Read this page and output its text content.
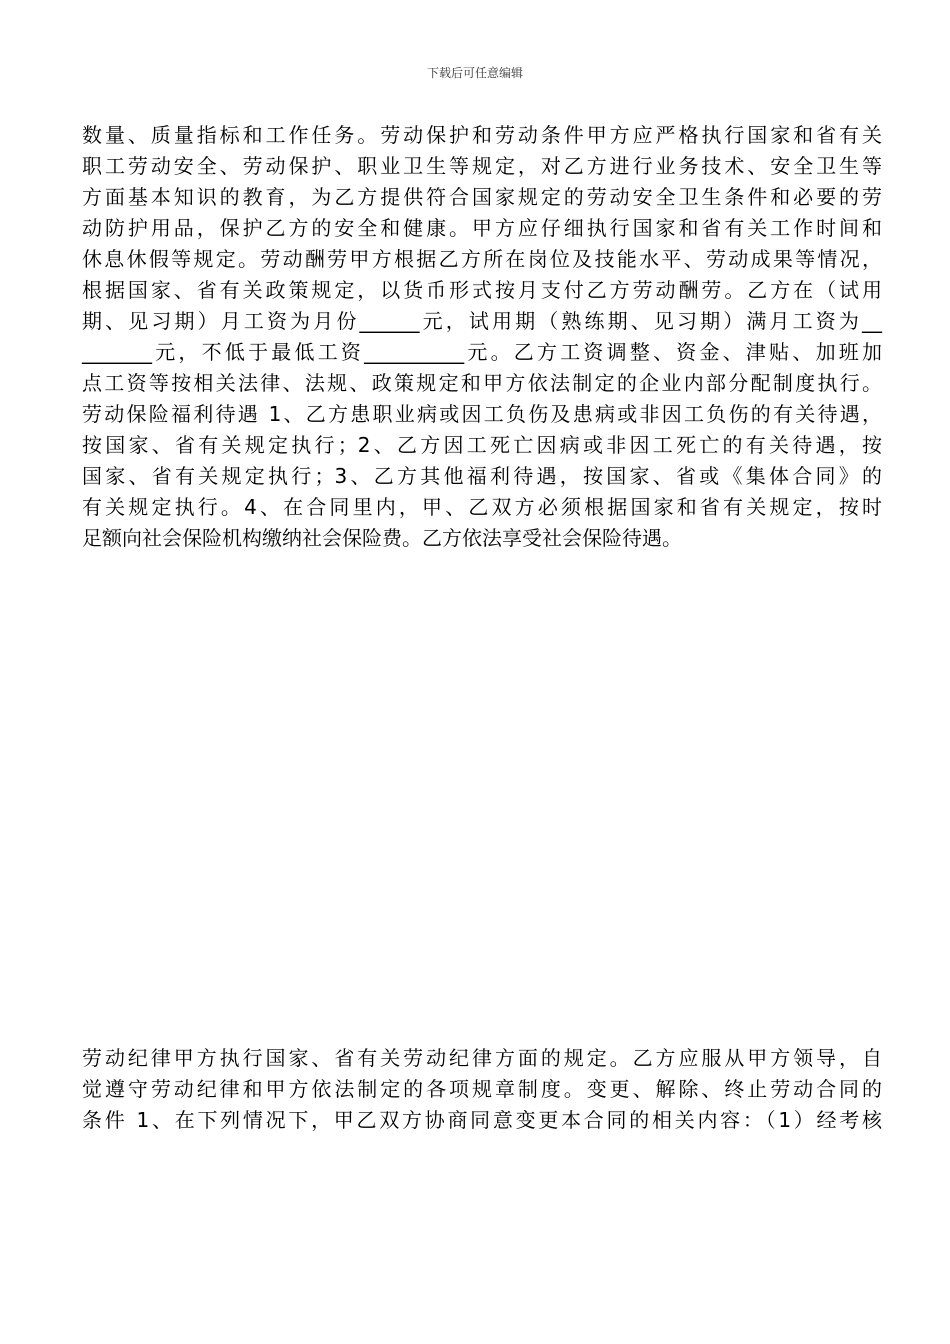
下载后可任意编辑
数量、质量指标和工作任务。劳动保护和劳动条件甲方应严格执行国家和省有关
职工劳动安全、劳动保护、职业卫生等规定，对乙方进行业务技术、安全卫生等
方面基本知识的教育，为乙方提供符合国家规定的劳动安全卫生条件和必要的劳
动防护用品，保护乙方的安全和健康。甲方应仔细执行国家和省有关工作时间和
休息休假等规定。劳动酬劳甲方根据乙方所在岗位及技能水平、劳动成果等情况，
根据国家、省有关政策规定，以货币形式按月支付乙方劳动酬劳。乙方在（试用
期、见习期）月工资为月份______元，试用期（熟练期、见习期）满月工资为__
_______元，不低于最低工资__________元。乙方工资调整、资金、津贴、加班加
点工资等按相关法律、法规、政策规定和甲方依法制定的企业内部分配制度执行。
劳动保险福利待遇 1、乙方患职业病或因工负伤及患病或非因工负伤的有关待遇，
按国家、省有关规定执行；2、乙方因工死亡因病或非因工死亡的有关待遇，按
国家、省有关规定执行；3、乙方其他福利待遇，按国家、省或《集体合同》的
有关规定执行。4、在合同里内，甲、乙双方必须根据国家和省有关规定，按时
足额向社会保险机构缴纳社会保险费。乙方依法享受社会保险待遇。
劳动纪律甲方执行国家、省有关劳动纪律方面的规定。乙方应服从甲方领导，自
觉遵守劳动纪律和甲方依法制定的各项规章制度。变更、解除、终止劳动合同的
条件 1、在下列情况下，甲乙双方协商同意变更本合同的相关内容：（1）经考核
